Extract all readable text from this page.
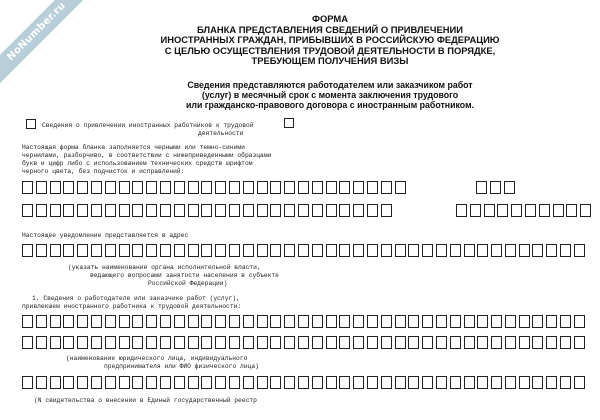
NoNumber.ru	ФОРМА
БЛАНКА ПРЕДСТАВЛЕНИЯ СВЕДЕНИЙ О ПРИВЛЕЧЕНИИ
ИНОСТРАННЫХ ГРАЖДАН, ПРИБЫВШИХ В РОССИЙСКУЮ ФЕДЕРАЦИЮ
С ЦЕЛЬЮ ОСУЩЕСТВЛЕНИЯ ТРУДОВОЙ ДЕЯТЕЛЬНОСТИ В ПОРЯДКЕ,
ТРЕБУЮЩЕМ ПОЛУЧЕНИЯ ВИЗЫ
Сведения представляются работодателем или заказчиком работ
(услуг) в месячный срок с момента заключения трудового
или гражданско-правового договора с иностранным работником.
Сведения о привлечении иностранных работников к трудовой
деятельности
Настоящая форма бланка заполняется черными или темно-синими
чернилами, разборчиво, в соответствии с нижеприведенными образцами
букв и цифр либо с использованием технических средств шрифтом
черного цвета, без подчисток и исправлений:
Настоящее уведомление представляется в адрес
(указать наименование органа исполнительной власти,
ведающего вопросами занятости населения в субъекте
Российской Федерации)
1. Сведения о работодателе или заказчике работ (услуг),
привлекшем иностранного работника к трудовой деятельности:
(наименование юридического лица, индивидуального
предпринимателя или ФИО физического лица)
(N свидетельства о внесении в Единый государственный реестр
